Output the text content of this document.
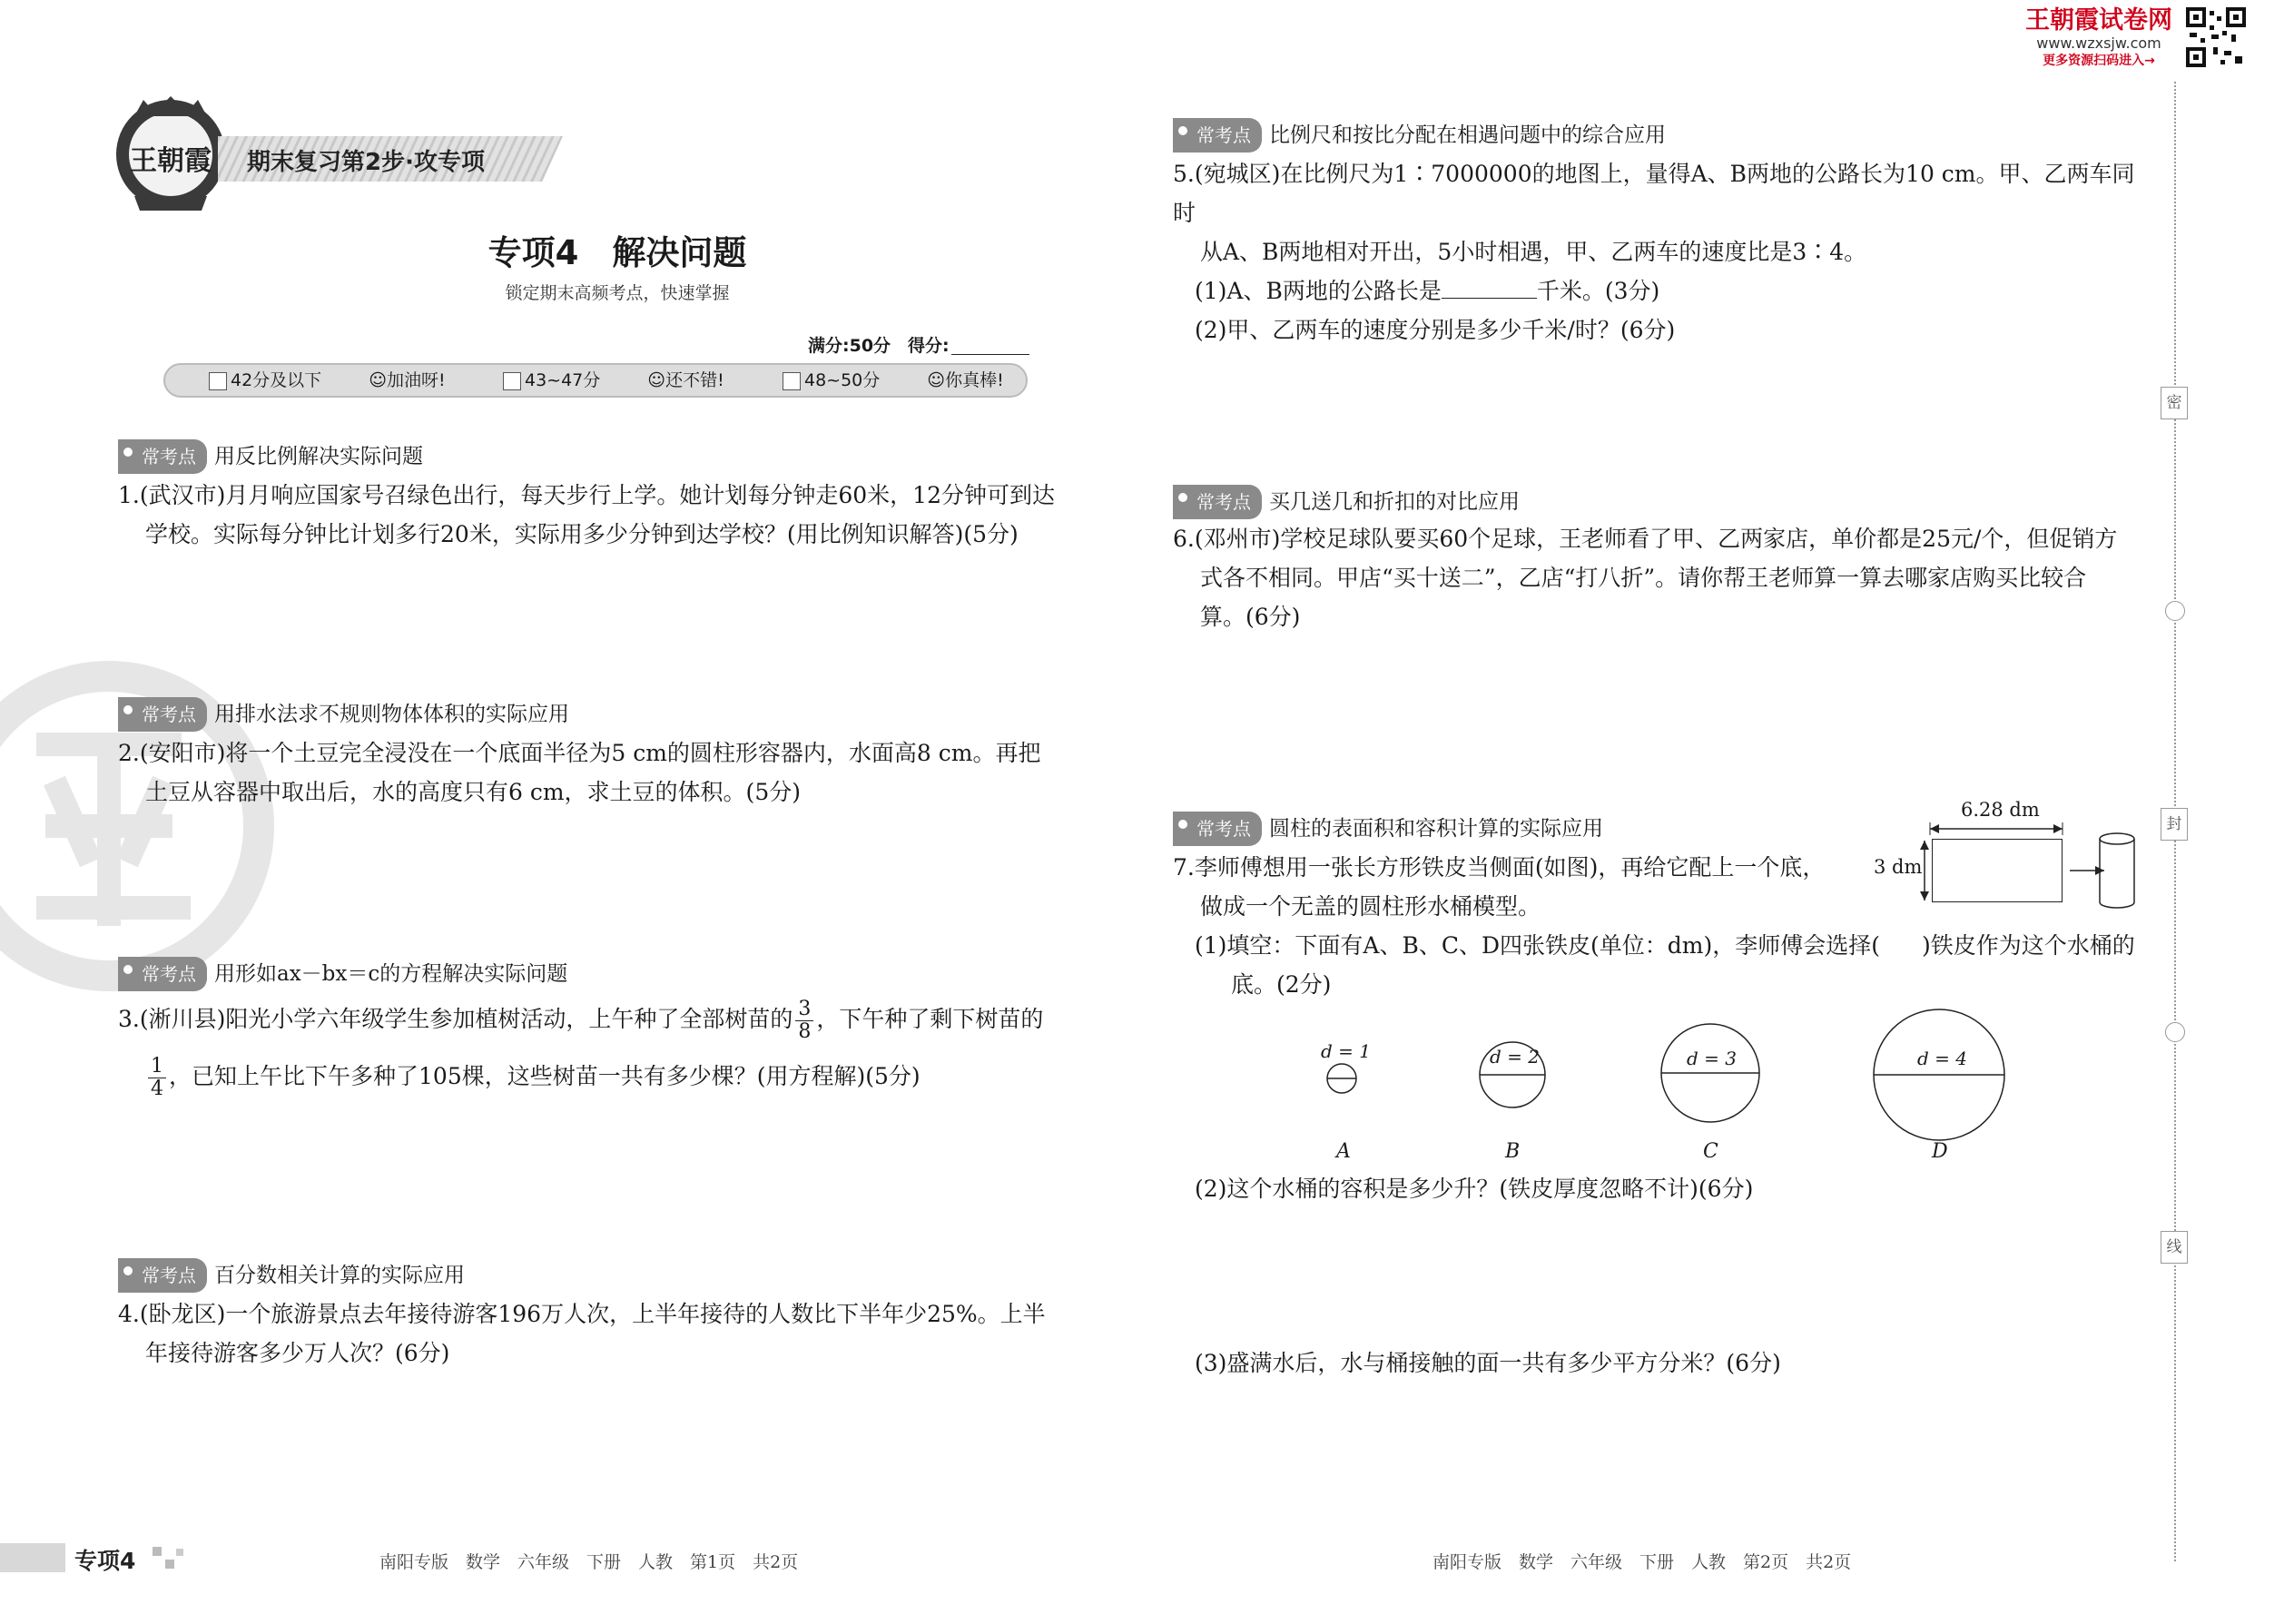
王朝霞试卷网
www.wzxsjw.com
更多资源扫码进入→
王朝霞 期末复习第2步·攻专项
专项4　解决问题
锁定期末高频考点，快速掌握
满分:50分 得分:
42分及以下	☺加油呀!	43~47分	☺还不错!	48~50分	☺你真棒!
常考点 用反比例解决实际问题
1.(武汉市)月月响应国家号召绿色出行，每天步行上学。她计划每分钟走60米，12分钟可到达
学校。实际每分钟比计划多行20米，实际用多少分钟到达学校？(用比例知识解答)(5分)
常考点 用排水法求不规则物体体积的实际应用
2.(安阳市)将一个土豆完全浸没在一个底面半径为5 cm的圆柱形容器内，水面高8 cm。再把
土豆从容器中取出后，水的高度只有6 cm，求土豆的体积。(5分)
常考点 用形如ax－bx＝c的方程解决实际问题
3.(淅川县)阳光小学六年级学生参加植树活动，上午种了全部树苗的 $\frac{3}{8}$ ，下午种了剩下树苗的
$\frac{1}{4}$ ，已知上午比下午多种了105棵，这些树苗一共有多少棵？(用方程解)(5分)
常考点 百分数相关计算的实际应用
4.(卧龙区)一个旅游景点去年接待游客196万人次，上半年接待的人数比下半年少25%。上半
年接待游客多少万人次？(6分)
专项4	南阳专版　数学　六年级　下册　人教　第1页　共2页
常考点 比例尺和按比分配在相遇问题中的综合应用
5.(宛城区)在比例尺为1∶7000000的地图上，量得A、B两地的公路长为10 cm。甲、乙两车同时
从A、B两地相对开出，5小时相遇，甲、乙两车的速度比是3∶4。
(1)A、B两地的公路长是	千米。(3分)
(2)甲、乙两车的速度分别是多少千米/时？(6分)
常考点 买几送几和折扣的对比应用
6.(邓州市)学校足球队要买60个足球，王老师看了甲、乙两家店，单价都是25元/个，但促销方
式各不相同。甲店“买十送二”，乙店“打八折”。请你帮王老师算一算去哪家店购买比较合
算。(6分)
常考点 圆柱的表面积和容积计算的实际应用
7.李师傅想用一张长方形铁皮当侧面(如图)，再给它配上一个底，
做成一个无盖的圆柱形水桶模型。
(1)填空：下面有A、B、C、D四张铁皮(单位：dm)，李师傅会选择( )铁皮作为这个水桶的
底。(2分)
6.28 dm
3 dm
d = 1
A
d = 2
B
d = 3
C
d = 4
D
(2)这个水桶的容积是多少升？(铁皮厚度忽略不计)(6分)
(3)盛满水后，水与桶接触的面一共有多少平方分米？(6分)
南阳专版　数学　六年级　下册　人教　第2页　共2页
密
封
线
